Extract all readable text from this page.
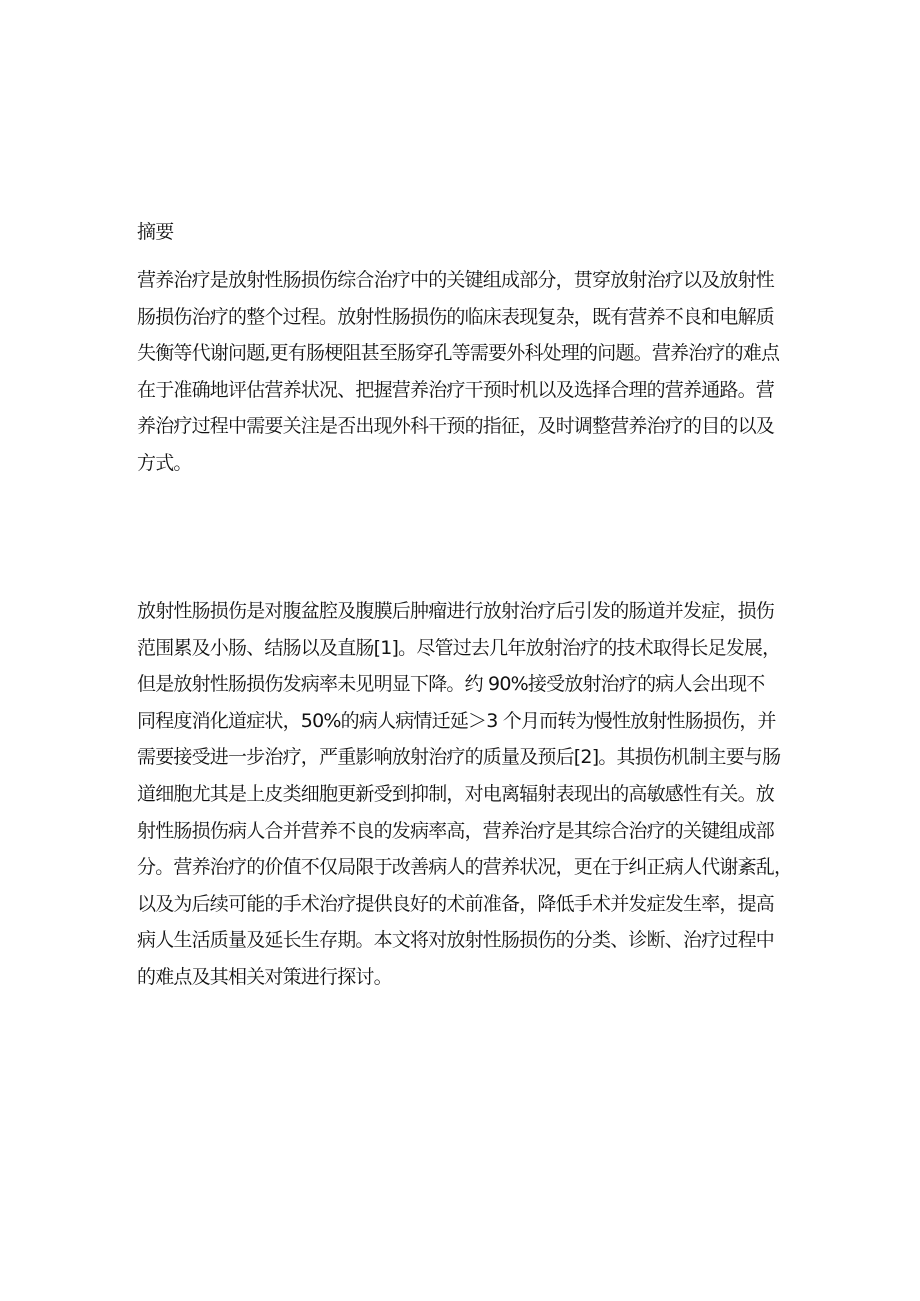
摘要

营养治疗是放射性肠损伤综合治疗中的关键组成部分，贯穿放射治疗以及放射性
肠损伤治疗的整个过程。放射性肠损伤的临床表现复杂，既有营养不良和电解质
失衡等代谢问题,更有肠梗阻甚至肠穿孔等需要外科处理的问题。营养治疗的难点
在于准确地评估营养状况、把握营养治疗干预时机以及选择合理的营养通路。营
养治疗过程中需要关注是否出现外科干预的指征，及时调整营养治疗的目的以及
方式。

放射性肠损伤是对腹盆腔及腹膜后肿瘤进行放射治疗后引发的肠道并发症，损伤
范围累及小肠、结肠以及直肠[1]。尽管过去几年放射治疗的技术取得长足发展，
但是放射性肠损伤发病率未见明显下降。约 90%接受放射治疗的病人会出现不
同程度消化道症状，50%的病人病情迁延＞3 个月而转为慢性放射性肠损伤，并
需要接受进一步治疗，严重影响放射治疗的质量及预后[2]。其损伤机制主要与肠
道细胞尤其是上皮类细胞更新受到抑制，对电离辐射表现出的高敏感性有关。放
射性肠损伤病人合并营养不良的发病率高，营养治疗是其综合治疗的关键组成部
分。营养治疗的价值不仅局限于改善病人的营养状况，更在于纠正病人代谢紊乱，
以及为后续可能的手术治疗提供良好的术前准备，降低手术并发症发生率，提高
病人生活质量及延长生存期。本文将对放射性肠损伤的分类、诊断、治疗过程中
的难点及其相关对策进行探讨。
